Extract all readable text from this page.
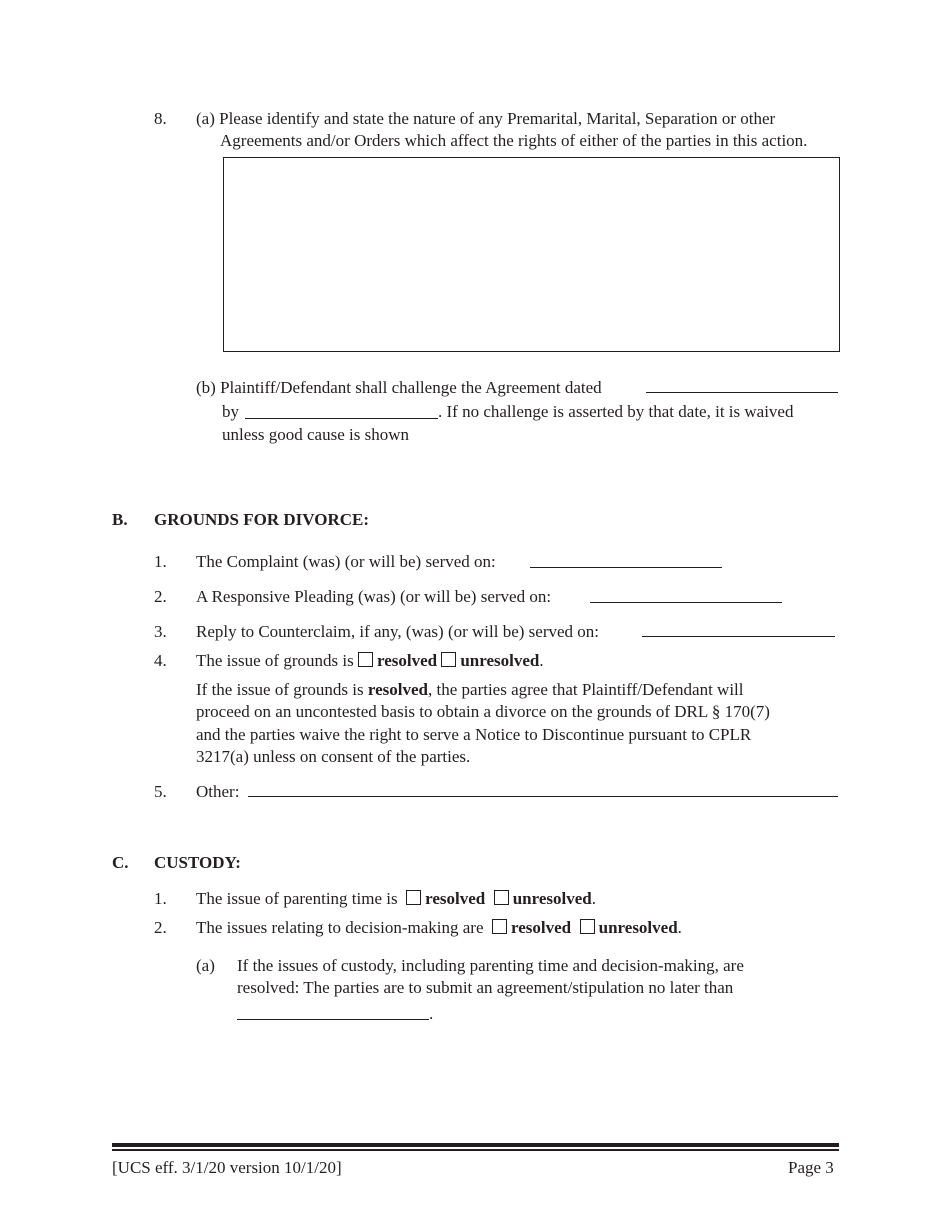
8. (a) Please identify and state the nature of any Premarital, Marital, Separation or other
Agreements and/or Orders which affect the rights of either of the parties in this action.
(b) Plaintiff/Defendant shall challenge the Agreement dated
by	. If no challenge is asserted by that date, it is waived
unless good cause is shown
B. GROUNDS FOR DIVORCE:
1. The Complaint (was) (or will be) served on:
2. A Responsive Pleading (was) (or will be) served on:
3. Reply to Counterclaim, if any, (was) (or will be) served on:
4. The issue of grounds is resolved unresolved.
If the issue of grounds is resolved, the parties agree that Plaintiff/Defendant will
proceed on an uncontested basis to obtain a divorce on the grounds of DRL § 170(7)
and the parties waive the right to serve a Notice to Discontinue pursuant to CPLR
3217(a) unless on consent of the parties.
5. Other:
C. CUSTODY:
1. The issue of parenting time is resolved unresolved.
2. The issues relating to decision-making are resolved unresolved.
(a) If the issues of custody, including parenting time and decision-making, are
resolved: The parties are to submit an agreement/stipulation no later than
.
[UCS eff. 3/1/20 version 10/1/20]	Page 3
